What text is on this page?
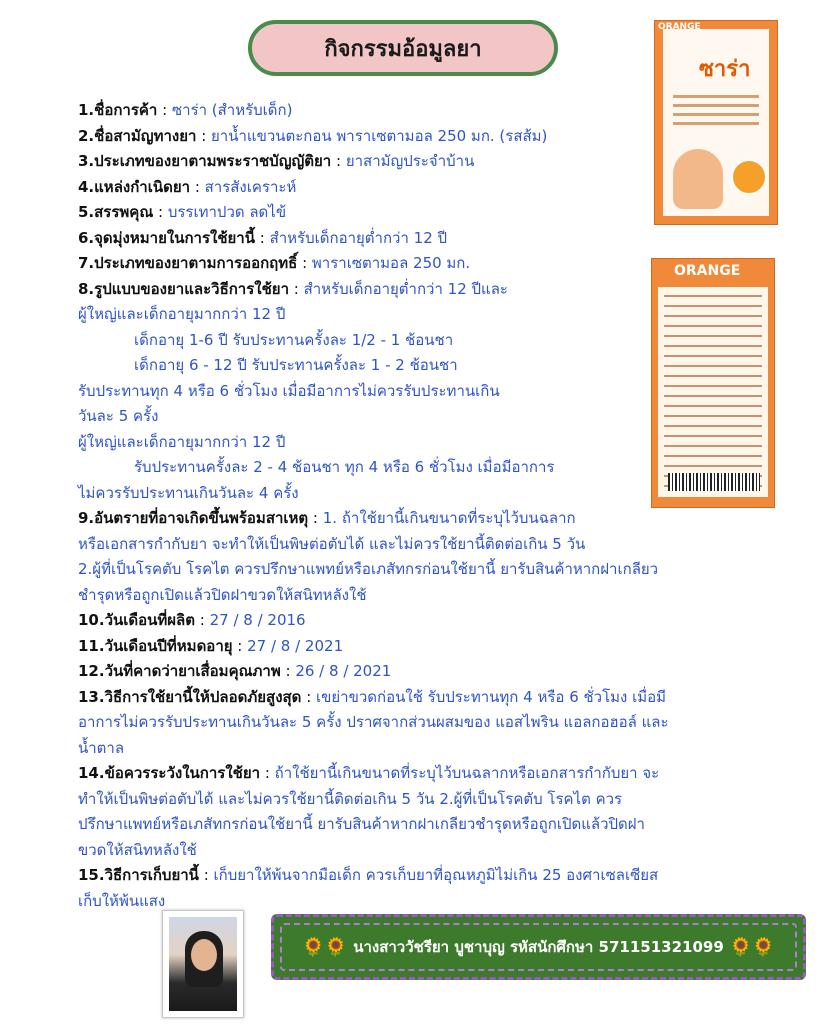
กิจกรรมอ้อมูลยา
ซาร่า
ORANGE
ORANGE
1.ชื่อการค้า : ซาร่า (สำหรับเด็ก)
2.ชื่อสามัญทางยา : ยาน้ำแขวนตะกอน พาราเซตามอล 250 มก. (รสส้ม)
3.ประเภทของยาตามพระราชบัญญัติยา : ยาสามัญประจำบ้าน
4.แหล่งกำเนิดยา : สารสังเคราะห์
5.สรรพคุณ : บรรเทาปวด ลดไข้
6.จุดมุ่งหมายในการใช้ยานี้ : สำหรับเด็กอายุต่ำกว่า 12 ปี
7.ประเภทของยาตามการออกฤทธิ์ : พาราเซตามอล 250 มก.
8.รูปแบบของยาและวิธีการใช้ยา : สำหรับเด็กอายุต่ำกว่า 12 ปีและ
ผู้ใหญ่และเด็กอายุมากกว่า 12 ปี
เด็กอายุ 1-6 ปี รับประทานครั้งละ 1/2 - 1 ช้อนชา
เด็กอายุ 6 - 12 ปี รับประทานครั้งละ 1 - 2 ช้อนชา
รับประทานทุก 4 หรือ 6 ชั่วโมง เมื่อมีอาการไม่ควรรับประทานเกิน
วันละ 5 ครั้ง
ผู้ใหญ่และเด็กอายุมากกว่า 12 ปี
รับประทานครั้งละ 2 - 4 ช้อนชา ทุก 4 หรือ 6 ชั่วโมง เมื่อมีอาการ
ไม่ควรรับประทานเกินวันละ 4 ครั้ง
9.อันตรายที่อาจเกิดขึ้นพร้อมสาเหตุ : 1. ถ้าใช้ยานี้เกินขนาดที่ระบุไว้บนฉลาก
หรือเอกสารกำกับยา จะทำให้เป็นพิษต่อตับได้ และไม่ควรใช้ยานี้ติดต่อเกิน 5 วัน
2.ผู้ที่เป็นโรคตับ โรคไต ควรปรึกษาแพทย์หรือเภสัทกรก่อนใช้ยานี้ ยารับสินค้าหากฝาเกลียว
ชำรุดหรือถูกเปิดแล้วปิดฝาขวดให้สนิทหลังใช้
10.วันเดือนที่ผลิต : 27 / 8 / 2016
11.วันเดือนปีที่หมดอายุ : 27 / 8 / 2021
12.วันที่คาดว่ายาเสื่อมคุณภาพ : 26 / 8 / 2021
13.วิธีการใช้ยานี้ให้ปลอดภัยสูงสุด : เขย่าขวดก่อนใช้ รับประทานทุก 4 หรือ 6 ชั่วโมง เมื่อมี
อาการไม่ควรรับประทานเกินวันละ 5 ครั้ง ปราศจากส่วนผสมของ แอสไพริน แอลกอฮอล์ และ
น้ำตาล
14.ข้อควรระวังในการใช้ยา : ถ้าใช้ยานี้เกินขนาดที่ระบุไว้บนฉลากหรือเอกสารกำกับยา จะ
ทำให้เป็นพิษต่อตับได้ และไม่ควรใช้ยานี้ติดต่อเกิน 5 วัน 2.ผู้ที่เป็นโรคตับ โรคไต ควร
ปรึกษาแพทย์หรือเภสัทกรก่อนใช้ยานี้ ยารับสินค้าหากฝาเกลียวชำรุดหรือถูกเปิดแล้วปิดฝา
ขวดให้สนิทหลังใช้
15.วิธีการเก็บยานี้ : เก็บยาให้พ้นจากมือเด็ก ควรเก็บยาที่อุณหภูมิไม่เกิน 25 องศาเซลเซียส
เก็บให้พ้นแสง
🌻🌻 นางสาววัชรียา บูชาบุญ รหัสนักศึกษา 571151321099 🌻🌻
